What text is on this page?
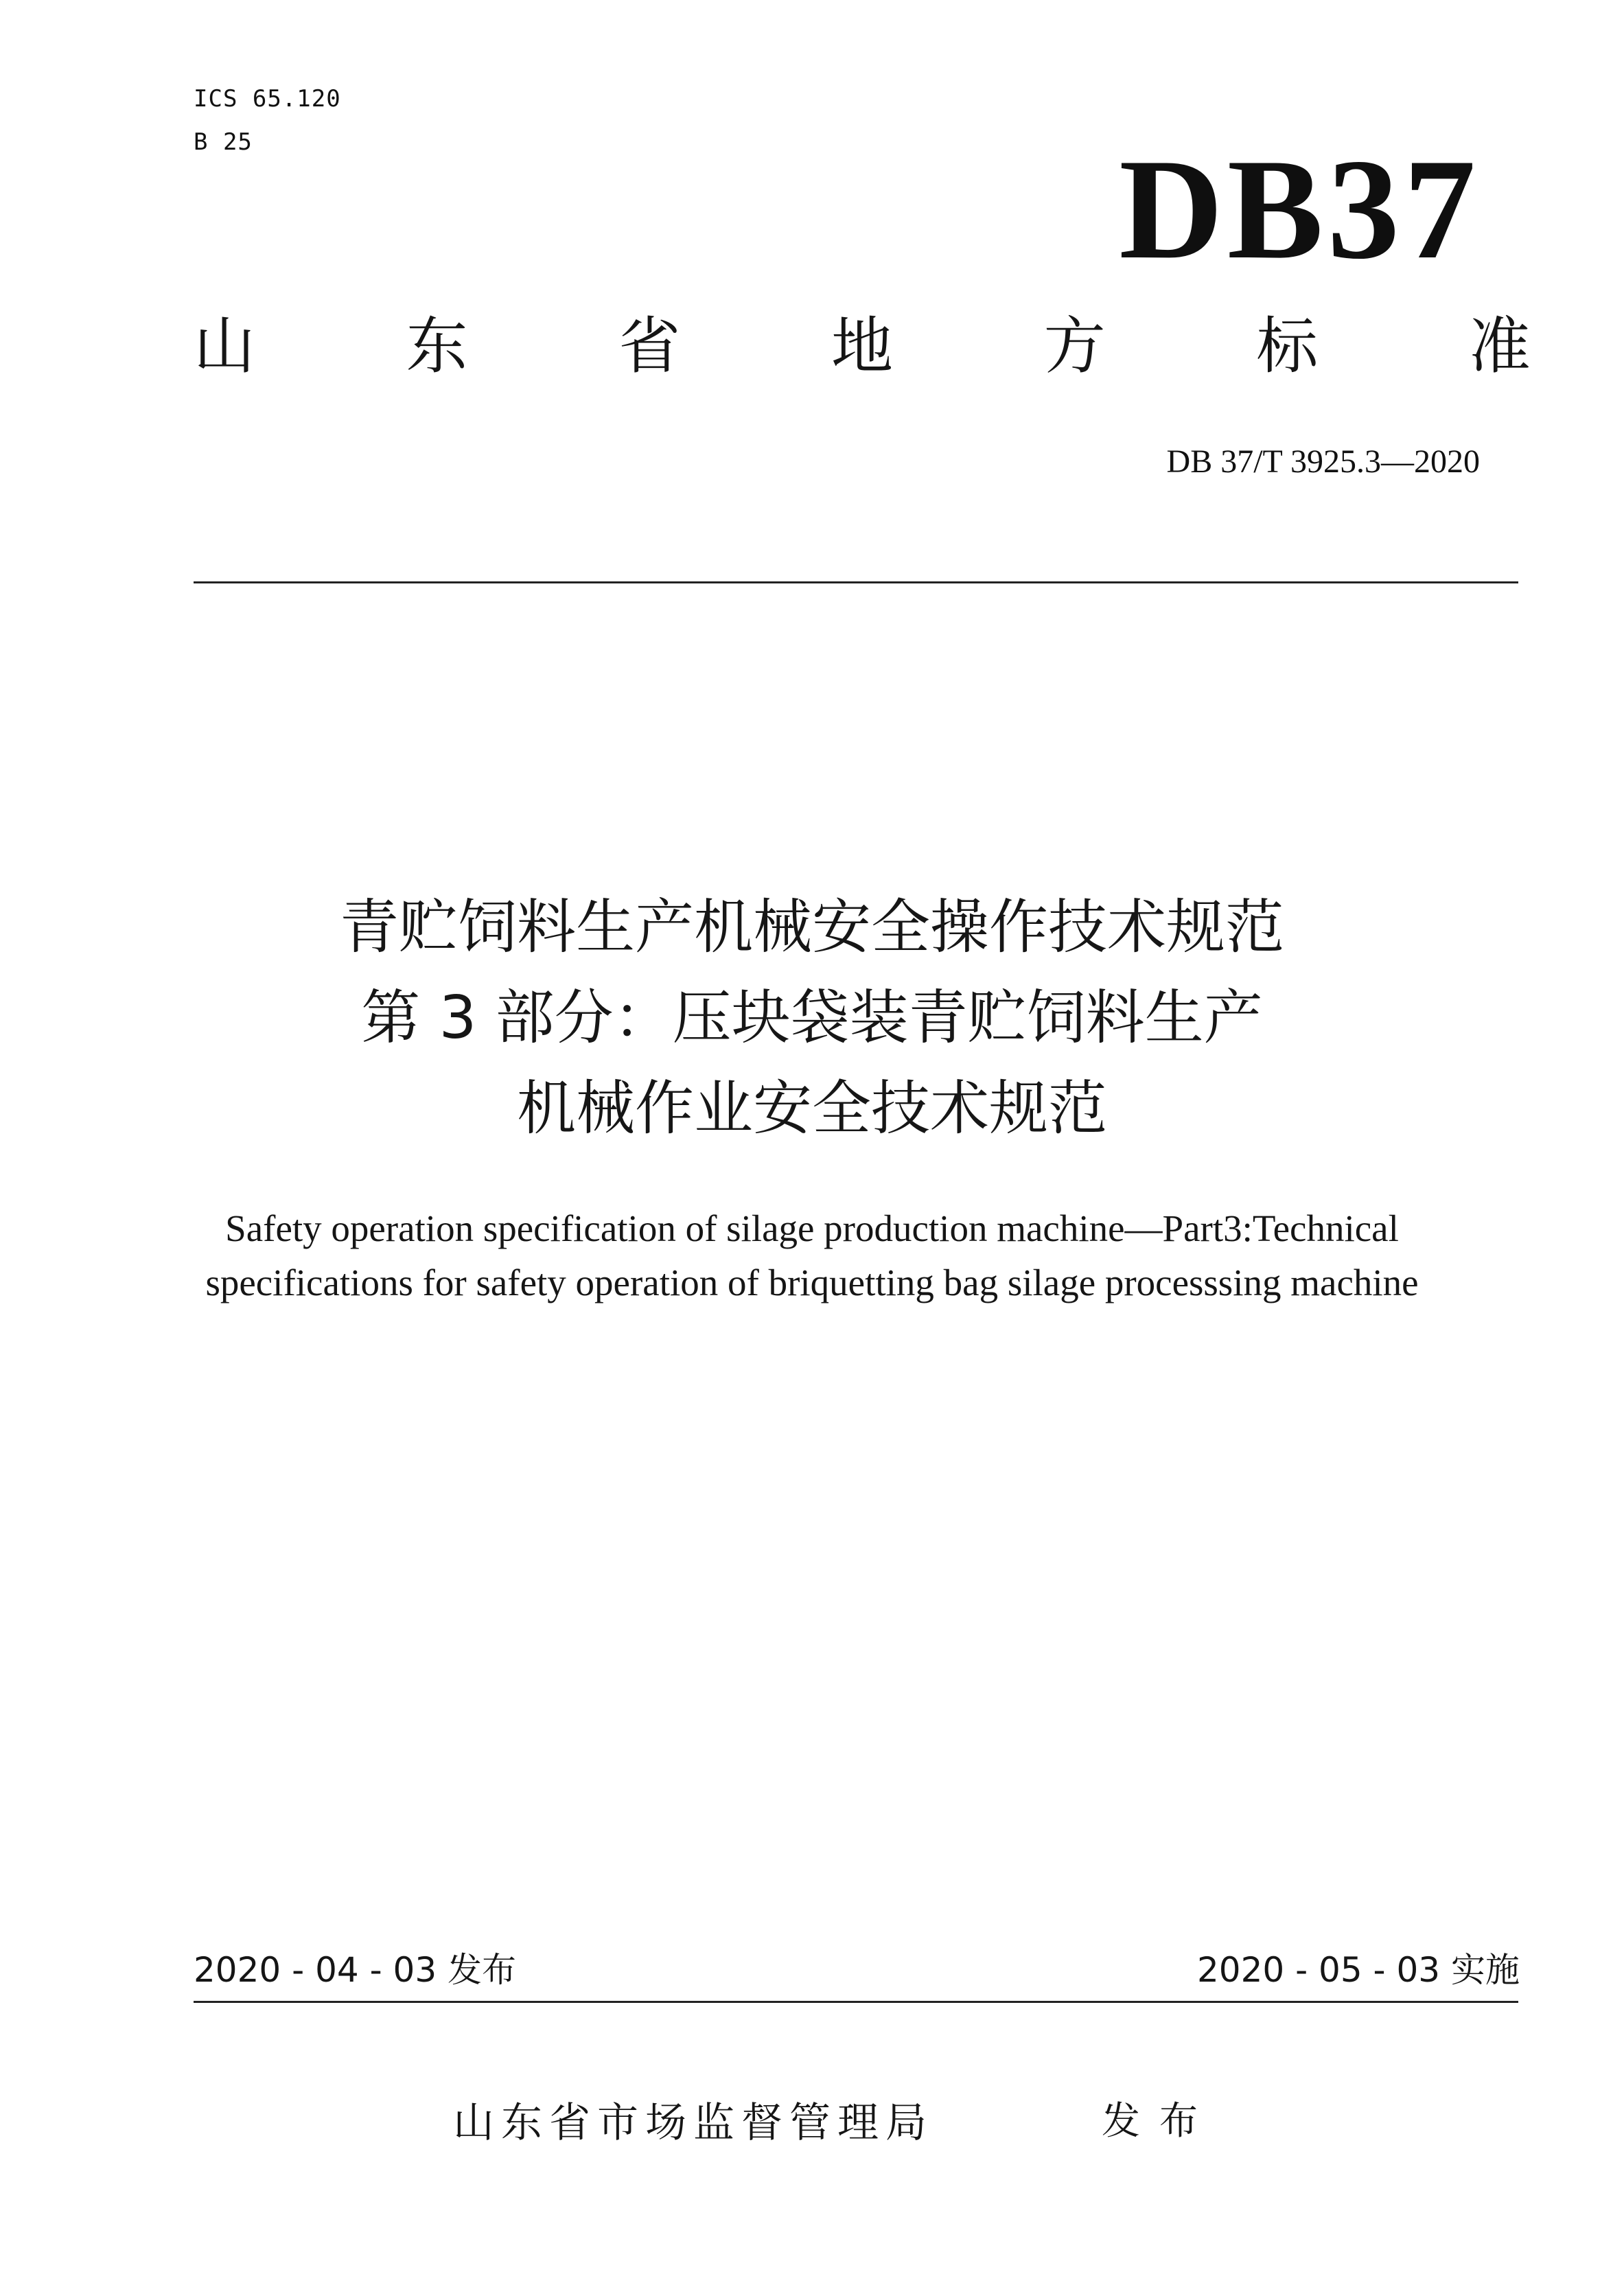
ICS 65.120
B 25	DB37
山 东 省 地 方 标 准
DB 37/T 3925.3—2020
青贮饲料生产机械安全操作技术规范
第 3 部分：压块袋装青贮饲料生产
机械作业安全技术规范
Safety operation specification of silage production machine—Part3:Technical
specifications for safety operation of briquetting bag silage processsing machine
2020 - 04 - 03 发布	2020 - 05 - 03 实施
山东省市场监督管理局	发布
